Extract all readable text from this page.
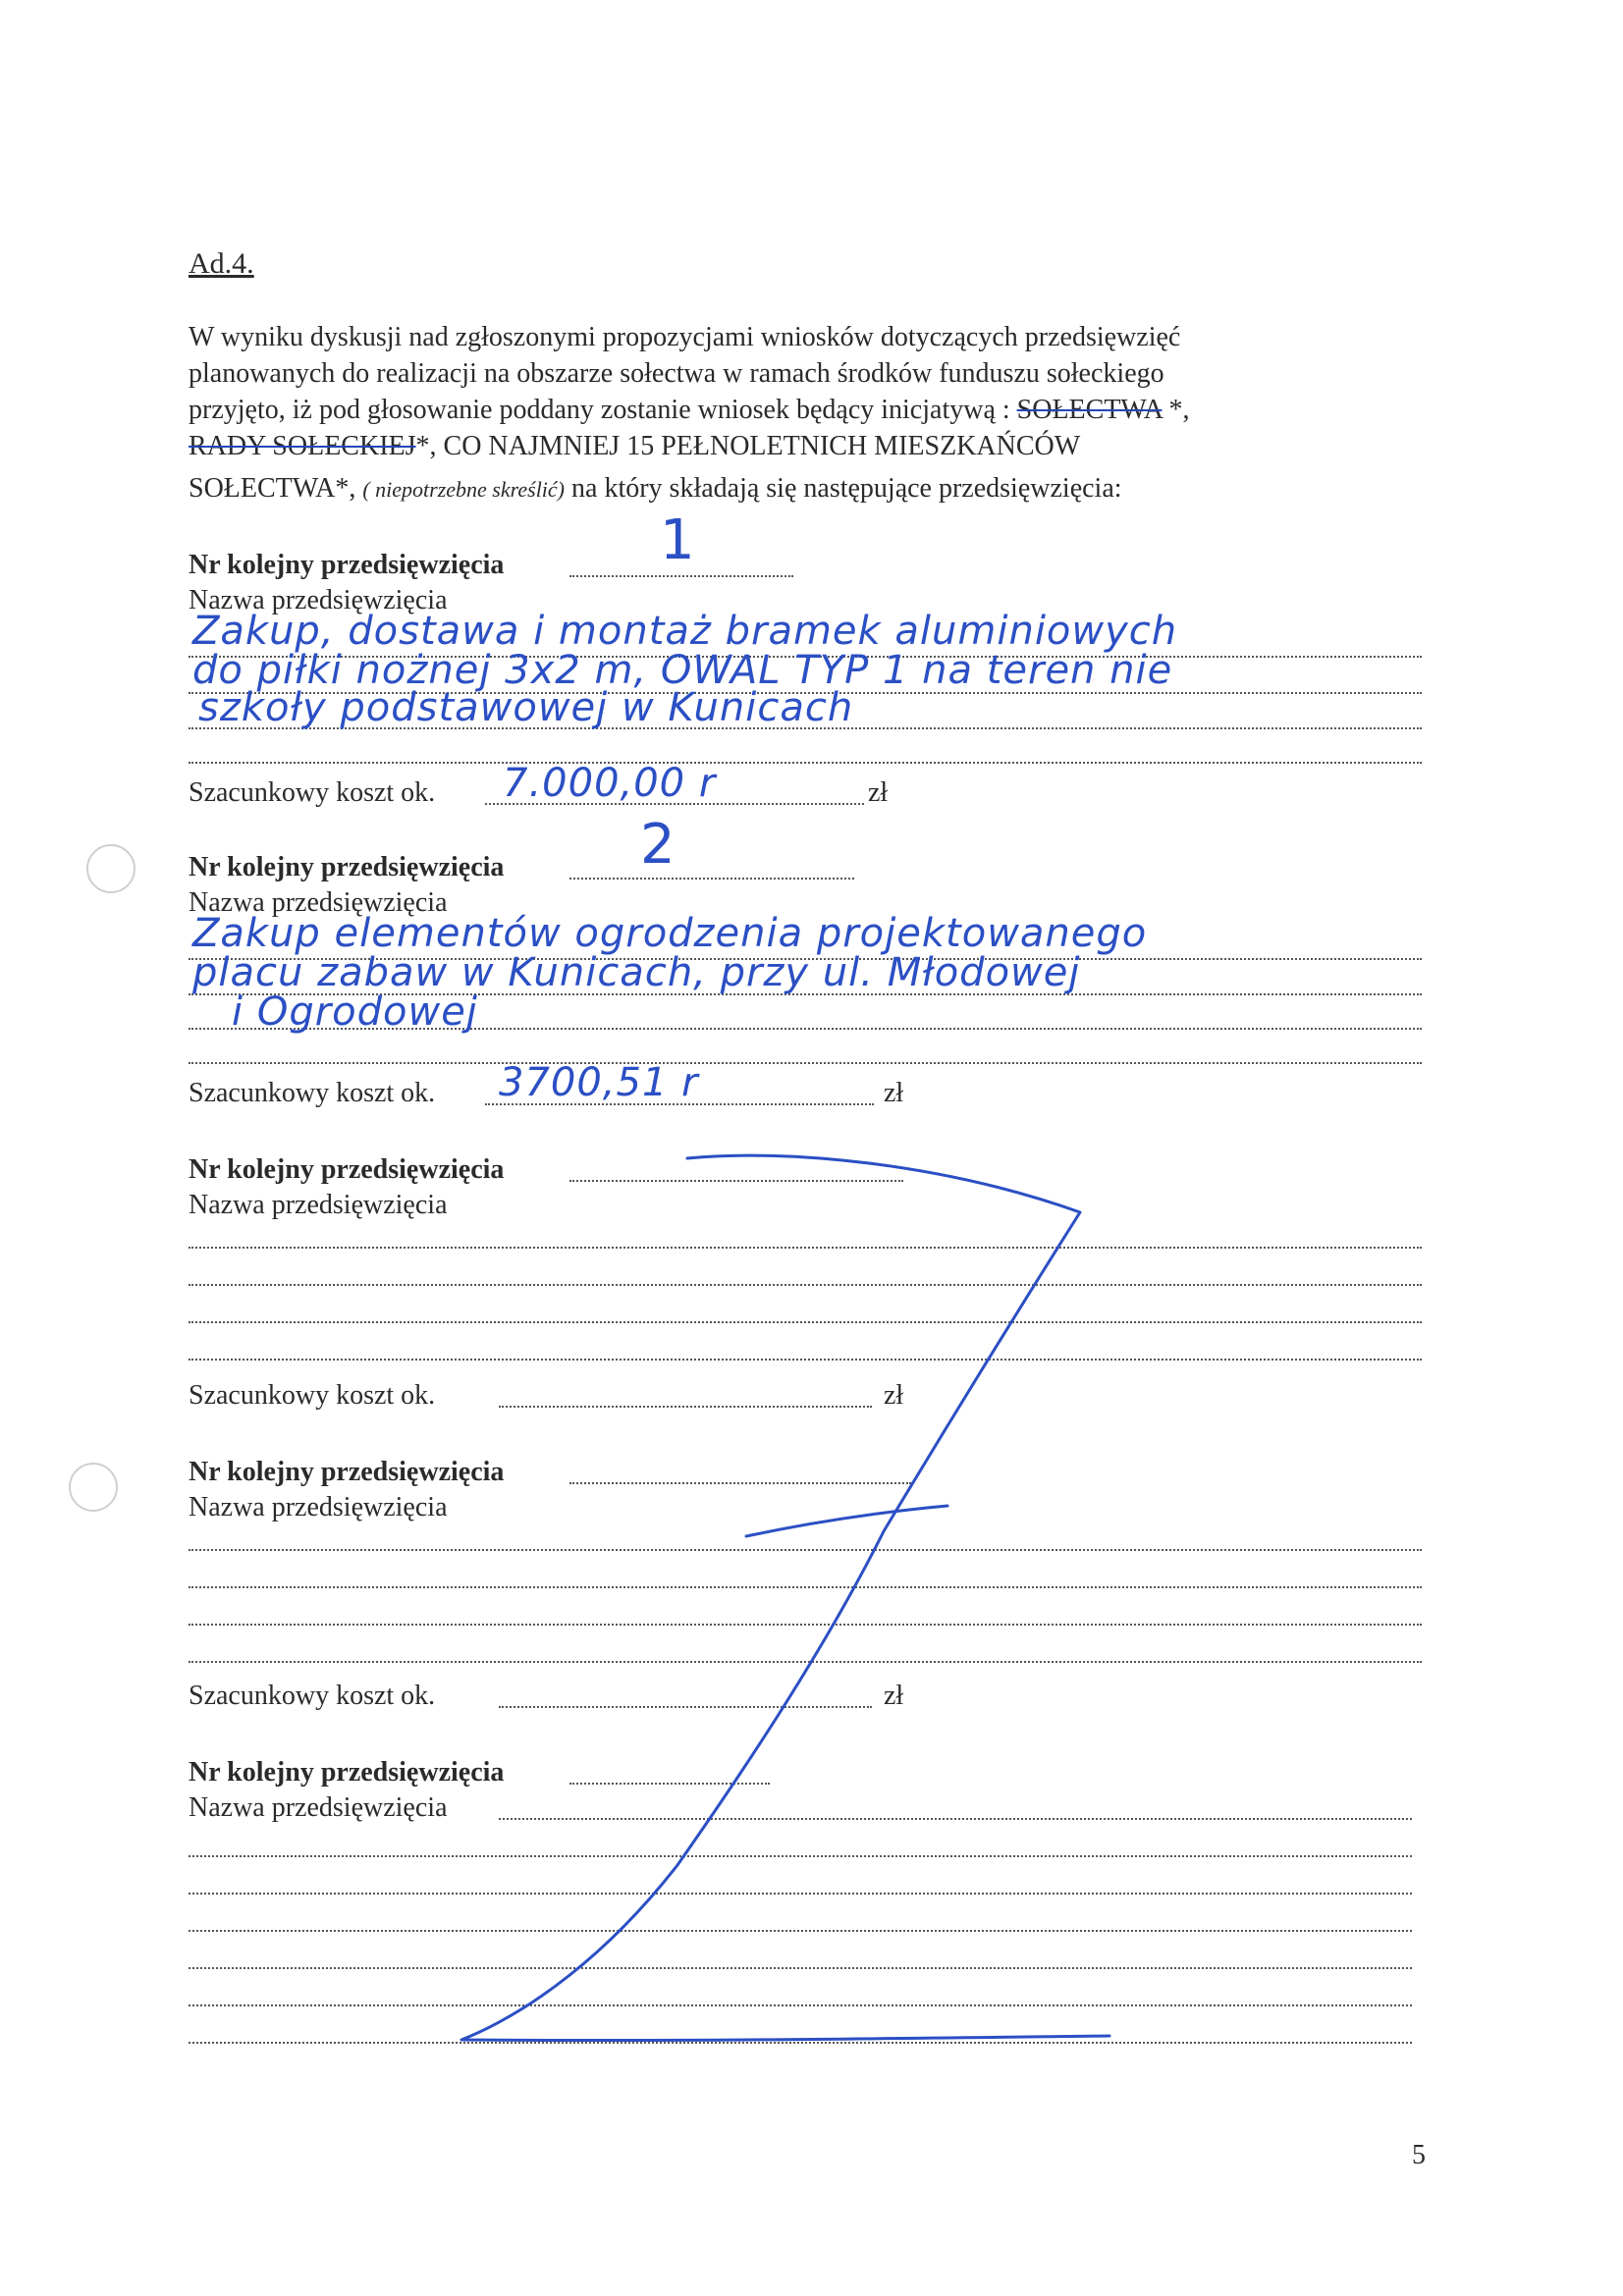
Ad.4.
W wyniku dyskusji nad zgłoszonymi propozycjami wniosków dotyczących przedsięwzięć
planowanych do realizacji na obszarze sołectwa w ramach środków funduszu sołeckiego
przyjęto, iż pod głosowanie poddany zostanie wniosek będący inicjatywą : SOŁECTWA *,
RADY SOŁECKIEJ*, CO NAJMNIEJ 15 PEŁNOLETNICH MIESZKAŃCÓW
SOŁECTWA*, ( niepotrzebne skreślić) na który składają się następujące przedsięwzięcia:
Nr kolejny przedsięwzięcia	1
Nazwa przedsięwzięcia
Zakup, dostawa i montaż bramek aluminiowych
do piłki nożnej 3x2 m, OWAL TYP 1 na teren nie
szkoły podstawowej w Kunicach
Szacunkowy koszt ok. 7.000,00 r	zł
Nr kolejny przedsięwzięcia 2
Nazwa przedsięwzięcia
Zakup elementów ogrodzenia projektowanego
placu zabaw w Kunicach, przy ul. Młodowej
i Ogrodowej
Szacunkowy koszt ok. 3700,51 r	zł
Nr kolejny przedsięwzięcia
Nazwa przedsięwzięcia
Szacunkowy koszt ok.	zł
Nr kolejny przedsięwzięcia
Nazwa przedsięwzięcia
Szacunkowy koszt ok.	zł
Nr kolejny przedsięwzięcia
Nazwa przedsięwzięcia
5
